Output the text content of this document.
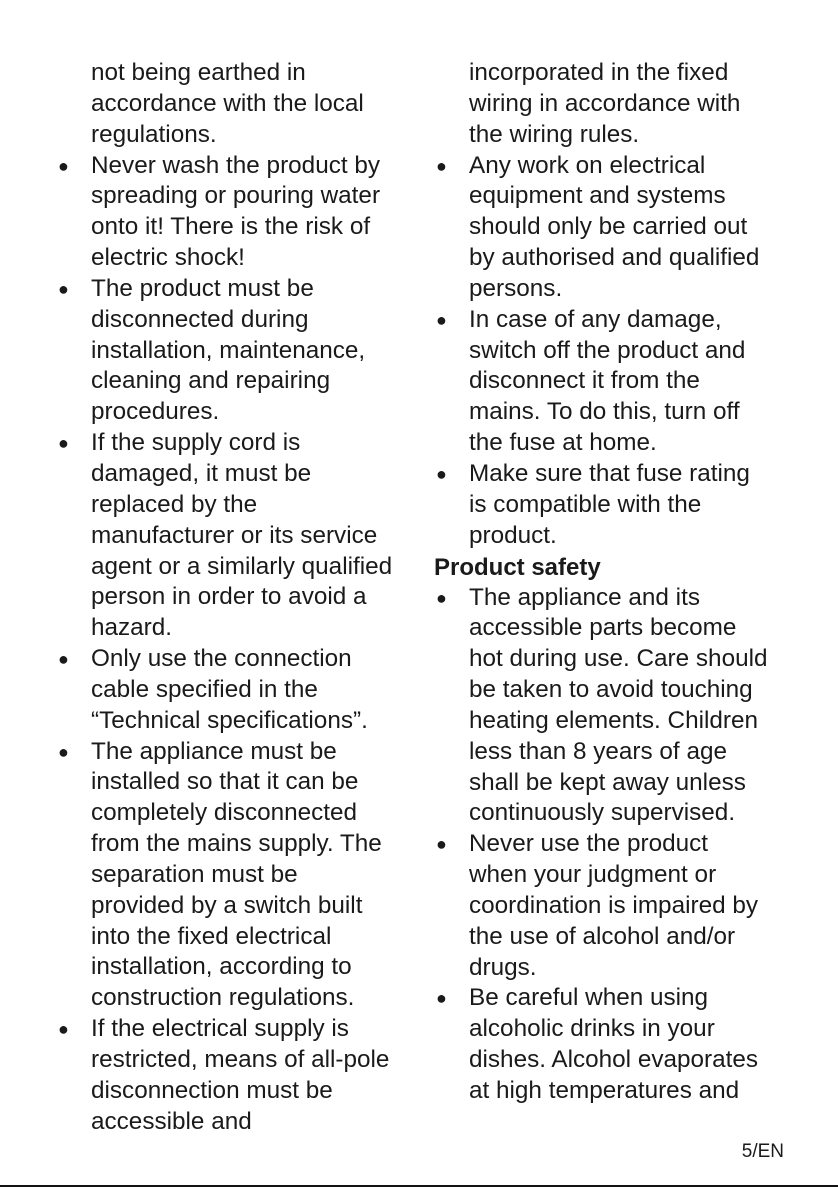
not being earthed in
accordance with the local
regulations.
● Never wash the product by
spreading or pouring water
onto it! There is the risk of
electric shock!
● The product must be
disconnected during
installation, maintenance,
cleaning and repairing
procedures.
● If the supply cord is
damaged, it must be
replaced by the
manufacturer or its service
agent or a similarly qualified
person in order to avoid a
hazard.
● Only use the connection
cable specified in the
“Technical specifications”.
● The appliance must be
installed so that it can be
completely disconnected
from the mains supply. The
separation must be
provided by a switch built
into the fixed electrical
installation, according to
construction regulations.
● If the electrical supply is
restricted, means of all-pole
disconnection must be
accessible and
incorporated in the fixed
wiring in accordance with
the wiring rules.
● Any work on electrical
equipment and systems
should only be carried out
by authorised and qualified
persons.
● In case of any damage,
switch off the product and
disconnect it from the
mains. To do this, turn off
the fuse at home.
● Make sure that fuse rating
is compatible with the
product.
Product safety
● The appliance and its
accessible parts become
hot during use. Care should
be taken to avoid touching
heating elements. Children
less than 8 years of age
shall be kept away unless
continuously supervised.
● Never use the product
when your judgment or
coordination is impaired by
the use of alcohol and/or
drugs.
● Be careful when using
alcoholic drinks in your
dishes. Alcohol evaporates
at high temperatures and
5/EN
